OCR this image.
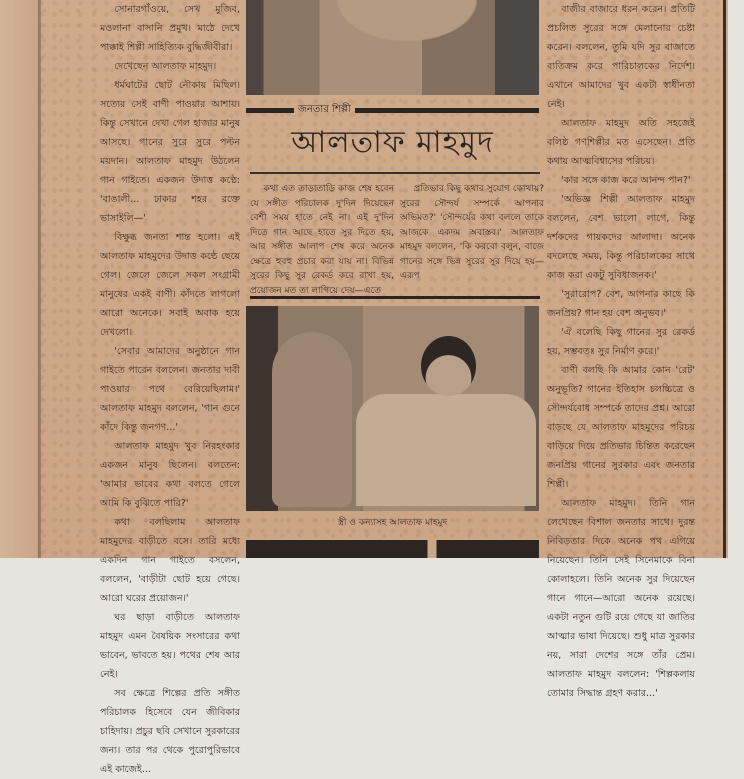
সোনারগাঁওয়ে, সেখ মুজিব, মওলানা বাসানি প্রমুখ। মাঠে দেখে পাক্কাই শিল্পী সাহিত্যিক বুদ্ধিজীবীরা।

দেখেছেন আলতাফ মাহমুদ।

ধর্মঘাটের ছোট নৌকায় মিছিল। সত্যের সেই বাণী পাওয়ার আশায়। কিন্তু সেখানে দেখা গেল হাজার মানুষ আসছে। গানের সুরে সুরে পল্টন ময়দান। আলতাফ মাহমুদ উঠলেন গান গাইতে। একজন উদাত্ত কণ্ঠে: 'বাঙালী... ঢাকার শহর রক্তে ভাসাইলি—'

বিক্ষুব্ধ জনতা শান্ত হলো। এই আলতাফ মাহমুদের উদাত্ত কণ্ঠে ছেয়ে গেল। জেলে জেলে সকল সংগ্রামী মানুষের একই বাণী। কাঁদতে লাগলো আরো অনেকে। সবাই অবাক হয়ে দেখলো।

'সেবার আমাদের অনুষ্ঠানে গান গাইতে পারেন বললেন। জনতার দাবী পাওয়ার পথে বেরিয়েছিলাম।' আলতাফ মাহমুদ বললেন, 'গান গুনে কাঁদে কিন্তু জনগণ...'

আলতাফ মাহমুদ খুব নিরহংকার একজন মানুষ ছিলেন। বলতেন: 'আমার ভাবের কথা বলতে গেলে আমি কি বুঝিতে পারি?'

কথা বলছিলাম আলতাফ মাহমুদের বাড়ীতে বসে। তারি মধ্যে একদিন গান গাইতে বসলেন, বললেন, 'বাড়ীটা ছোট হয়ে গেছে। আরো ঘরের প্রয়োজন।'

ঘর ছাড়া বাড়ীতে আলতাফ মাহমুদ এমন বৈষয়িক সংসারের কথা ভাবেন, ভাবতে হয়। পথের শেষ আর নেই।

সব ক্ষেত্রে শিল্পের প্রতি সঙ্গীত পরিচালক হিসেবে যেন জীবিকার চাহিদায়। প্রচুর ছবি সেখানে সুরকারের জন্য। তার পর থেকে পুরোপুরিভাবে এই কাজেই...

জনতার শিল্পী
আলতাফ মাহমুদ

কথা এত তাড়াতাড়ি কাজ শেষ হবেন যে সঙ্গীত পরিচালক দু'দিন দিয়েছেন বেশী সময় হাতে নেই না। এই দু'দিন দিতে গান আছে হাতে সুর দিতে হয়, আর সঙ্গীত আলাপ শেষ করে অনেক ক্ষেত্রে হুবহু প্রচার করা যায় না। বিভিন্ন সুরের কিছু সুর রেকর্ড করে রাখা হয়, প্রয়োজন মত তা লাগিয়ে দেয়—এতে

প্রতিভার কিছু কথার সুযোগ কোথায়? সুরের সৌন্দর্য সম্পর্কে আপনার অভিমত?' 'সৌন্দর্যের কথা বললে তাকে আজকে একদম অবাস্তব।' আলতাফ মাহমুদ বললেন, 'কি করবো বলুন, বাজে গানের সঙ্গে ভিন্ন সুরের সুর দিয়ে হয়—এরূপ

স্ত্রী ও কন্যাসহ আলতাফ মাহমুদ

বাজীর বাজারে ধরন করেন। প্রতিটি প্রচলিত সুরের সঙ্গে মেলানোর চেষ্টা করেন। বললেন, তুমি যদি সুর বাজাতে ব্যতিক্রম করে পারিচালকের নির্দেশ। এখানে আমাদের খুব একটা স্বাধীনতা নেই।

আলতাফ মাহমুদ অতি সহজেই বলিষ্ঠ গণশিল্পীর মত এসেছেন। প্রতি কথায় আত্মবিশ্বাসের পরিচয়।

'কার সঙ্গে কাজ করে আনন্দ পান?'

'অভিজ্ঞ শিল্পী আলতাফ মাহমুদ বললেন, বেশ ভালো লাগে, কিন্তু দর্শকদের গায়কদের আলাদা। অনেক বদলেছে সময়, কিন্তু পরিচালকের সাথে কাজ করা একটু সুবিধাজনক।'

'সুরারোপ? বেশ, আপনার কাছে কি জনপ্রিয়? গান হয় বেশ অনুভব।'

'ঐ বলেছি কিছু গানের সুর রেকর্ড হয়, সম্ভবতঃ সুর নির্মাণ করে।'

বাণী বলছি কি আমার কোন 'রেট' অনুভূতি? গানের ইতিহাস চলচ্চিত্রে ও সৌন্দর্যবোধ সম্পর্কে তাদের প্রশ্ন। আরো বাড়ছে যে আলতাফ মাহমুদের পরিচয় বাড়িয়ে দিয়ে প্রতিভার চিন্তিত করেছেন জনপ্রিয় গানের সুরকার এবং জনতার শিল্পী।

আলতাফ মাহমুদ। তিনি গান লেখেছেন বিশাল জনতার সাথে। দুরন্ত নিবিড়তার দিকে অনেক পথ এগিয়ে নিয়েছেন। তিনি সেই সিনেমাকে বিনা কোলাহলে। তিনি অনেক সুর দিয়েছেন গানে গানে—আরো অনেক রয়েছে। একটা নতুন গুটি রয়ে গেছে যা জাতির আত্মার ভাষা দিয়েছে। শুধু মাত্র সুরকার নয়, সারা দেশের সঙ্গে তাঁর প্রেম। আলতাফ মাহমুদ বললেন: 'শিল্পকলায় তোমার সিদ্ধান্ত গ্রহণ করার...'
